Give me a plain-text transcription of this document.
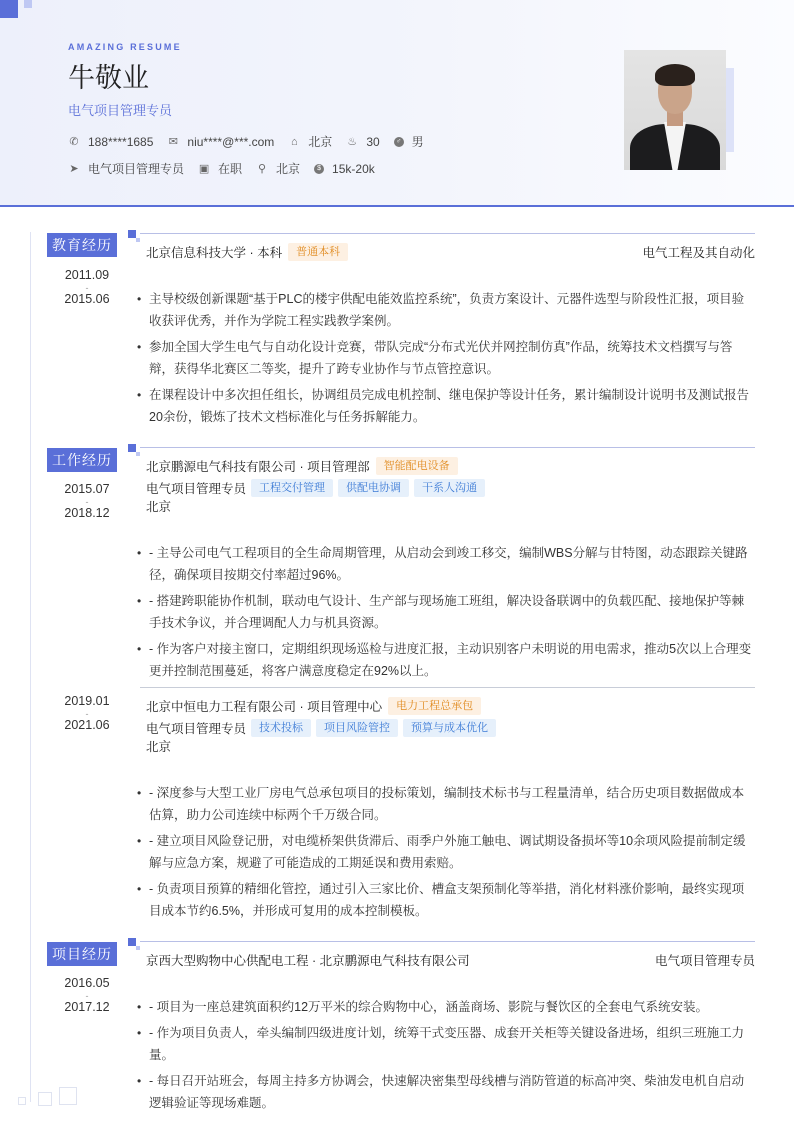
AMAZING RESUME
牛敬业
电气项目管理专员
✆ 188****1685 ✉ niu****@***.com ⌂ 北京 ♨ 30	♂ 男
➤ 电气项目管理专员 ▣ 在职 ⚲ 北京	$ 15k-20k
教育经历
2011.09
-
2015.06
北京信息科技大学 · 本科	普通本科	电气工程及其自动化
• 主导校级创新课题“基于PLC的楼宇供配电能效监控系统”，负责方案设计、元器件选型与阶段性汇报，项目验收获评优秀，并作为学院工程实践教学案例。
• 参加全国大学生电气与自动化设计竞赛，带队完成“分布式光伏并网控制仿真”作品，统筹技术文档撰写与答辩，获得华北赛区二等奖，提升了跨专业协作与节点管控意识。
• 在课程设计中多次担任组长，协调组员完成电机控制、继电保护等设计任务，累计编制设计说明书及测试报告20余份，锻炼了技术文档标准化与任务拆解能力。
工作经历
2015.07
-
2018.12
北京鹏源电气科技有限公司 · 项目管理部	智能配电设备
电气项目管理专员	工程交付管理	供配电协调	干系人沟通
北京
• - 主导公司电气工程项目的全生命周期管理，从启动会到竣工移交，编制WBS分解与甘特图，动态跟踪关键路径，确保项目按期交付率超过96%。
• - 搭建跨职能协作机制，联动电气设计、生产部与现场施工班组，解决设备联调中的负载匹配、接地保护等棘手技术争议，并合理调配人力与机具资源。
• - 作为客户对接主窗口，定期组织现场巡检与进度汇报，主动识别客户未明说的用电需求，推动5次以上合理变更并控制范围蔓延，将客户满意度稳定在92%以上。
2019.01
-
2021.06
北京中恒电力工程有限公司 · 项目管理中心	电力工程总承包
电气项目管理专员	技术投标	项目风险管控	预算与成本优化
北京
• - 深度参与大型工业厂房电气总承包项目的投标策划，编制技术标书与工程量清单，结合历史项目数据做成本估算，助力公司连续中标两个千万级合同。
• - 建立项目风险登记册，对电缆桥架供货滞后、雨季户外施工触电、调试期设备损坏等10余项风险提前制定缓解与应急方案，规避了可能造成的工期延误和费用索赔。
• - 负责项目预算的精细化管控，通过引入三家比价、槽盒支架预制化等举措，消化材料涨价影响，最终实现项目成本节约6.5%，并形成可复用的成本控制模板。
项目经历
2016.05
-
2017.12
京西大型购物中心供配电工程 · 北京鹏源电气科技有限公司	电气项目管理专员
• - 项目为一座总建筑面积约12万平米的综合购物中心，涵盖商场、影院与餐饮区的全套电气系统安装。
• - 作为项目负责人，牵头编制四级进度计划，统筹干式变压器、成套开关柜等关键设备进场，组织三班施工力量。
• - 每日召开站班会，每周主持多方协调会，快速解决密集型母线槽与消防管道的标高冲突、柴油发电机自启动逻辑验证等现场难题。
